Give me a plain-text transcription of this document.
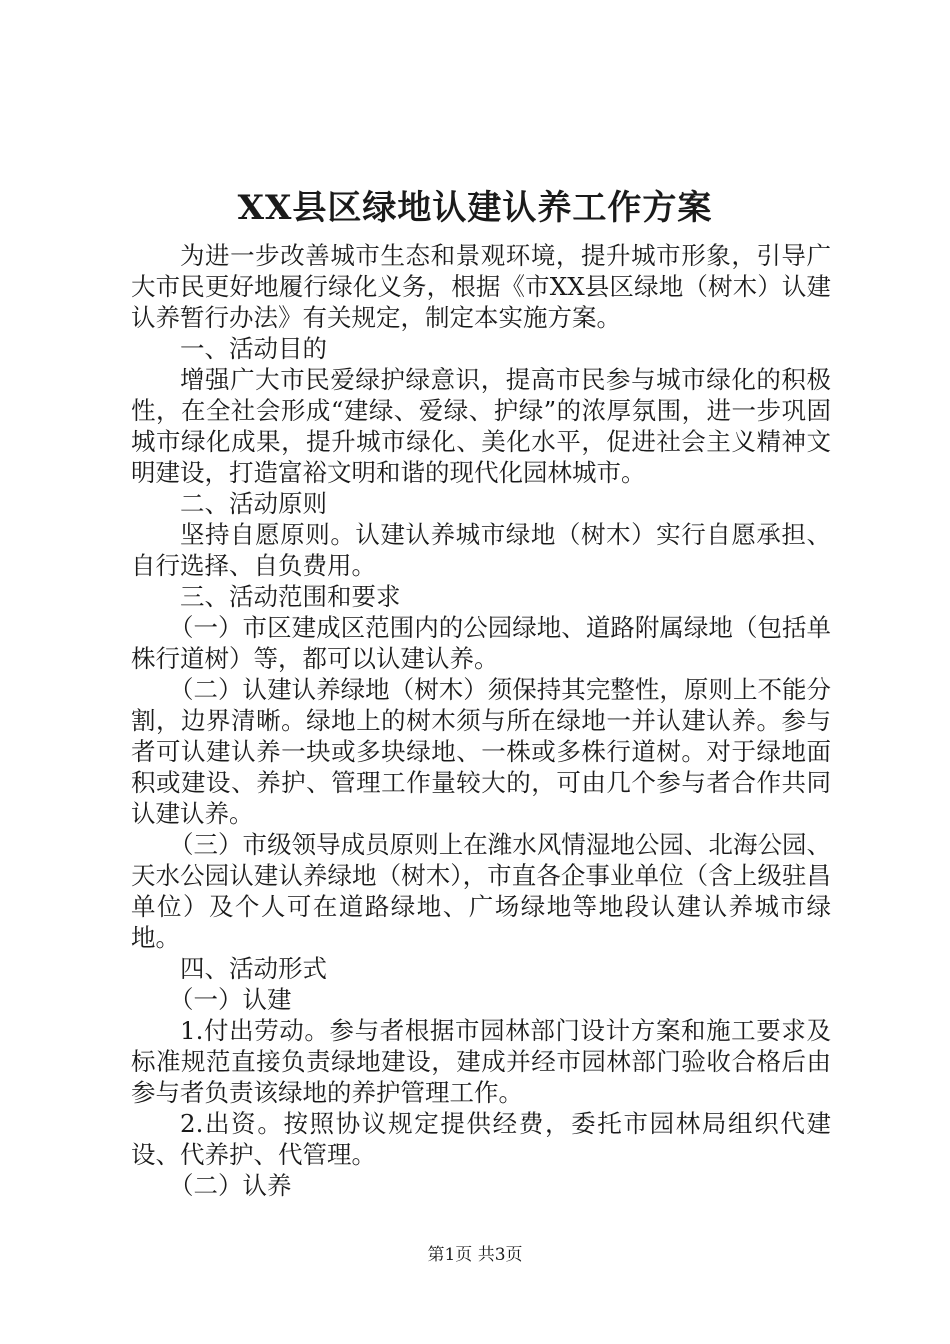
XX县区绿地认建认养工作方案

为进一步改善城市生态和景观环境，提升城市形象，引导广大市民更好地履行绿化义务，根据《市XX县区绿地（树木）认建认养暂行办法》有关规定，制定本实施方案。

一、活动目的

增强广大市民爱绿护绿意识，提高市民参与城市绿化的积极性，在全社会形成“建绿、爱绿、护绿”的浓厚氛围，进一步巩固城市绿化成果，提升城市绿化、美化水平，促进社会主义精神文明建设，打造富裕文明和谐的现代化园林城市。

二、活动原则

坚持自愿原则。认建认养城市绿地（树木）实行自愿承担、自行选择、自负费用。

三、活动范围和要求

（一）市区建成区范围内的公园绿地、道路附属绿地（包括单株行道树）等，都可以认建认养。

（二）认建认养绿地（树木）须保持其完整性，原则上不能分割，边界清晰。绿地上的树木须与所在绿地一并认建认养。参与者可认建认养一块或多块绿地、一株或多株行道树。对于绿地面积或建设、养护、管理工作量较大的，可由几个参与者合作共同认建认养。

（三）市级领导成员原则上在潍水风情湿地公园、北海公园、天水公园认建认养绿地（树木），市直各企事业单位（含上级驻昌单位）及个人可在道路绿地、广场绿地等地段认建认养城市绿地。

四、活动形式

（一）认建

1.付出劳动。参与者根据市园林部门设计方案和施工要求及标准规范直接负责绿地建设，建成并经市园林部门验收合格后由参与者负责该绿地的养护管理工作。

2.出资。按照协议规定提供经费，委托市园林局组织代建设、代养护、代管理。

（二）认养

第1页 共3页
